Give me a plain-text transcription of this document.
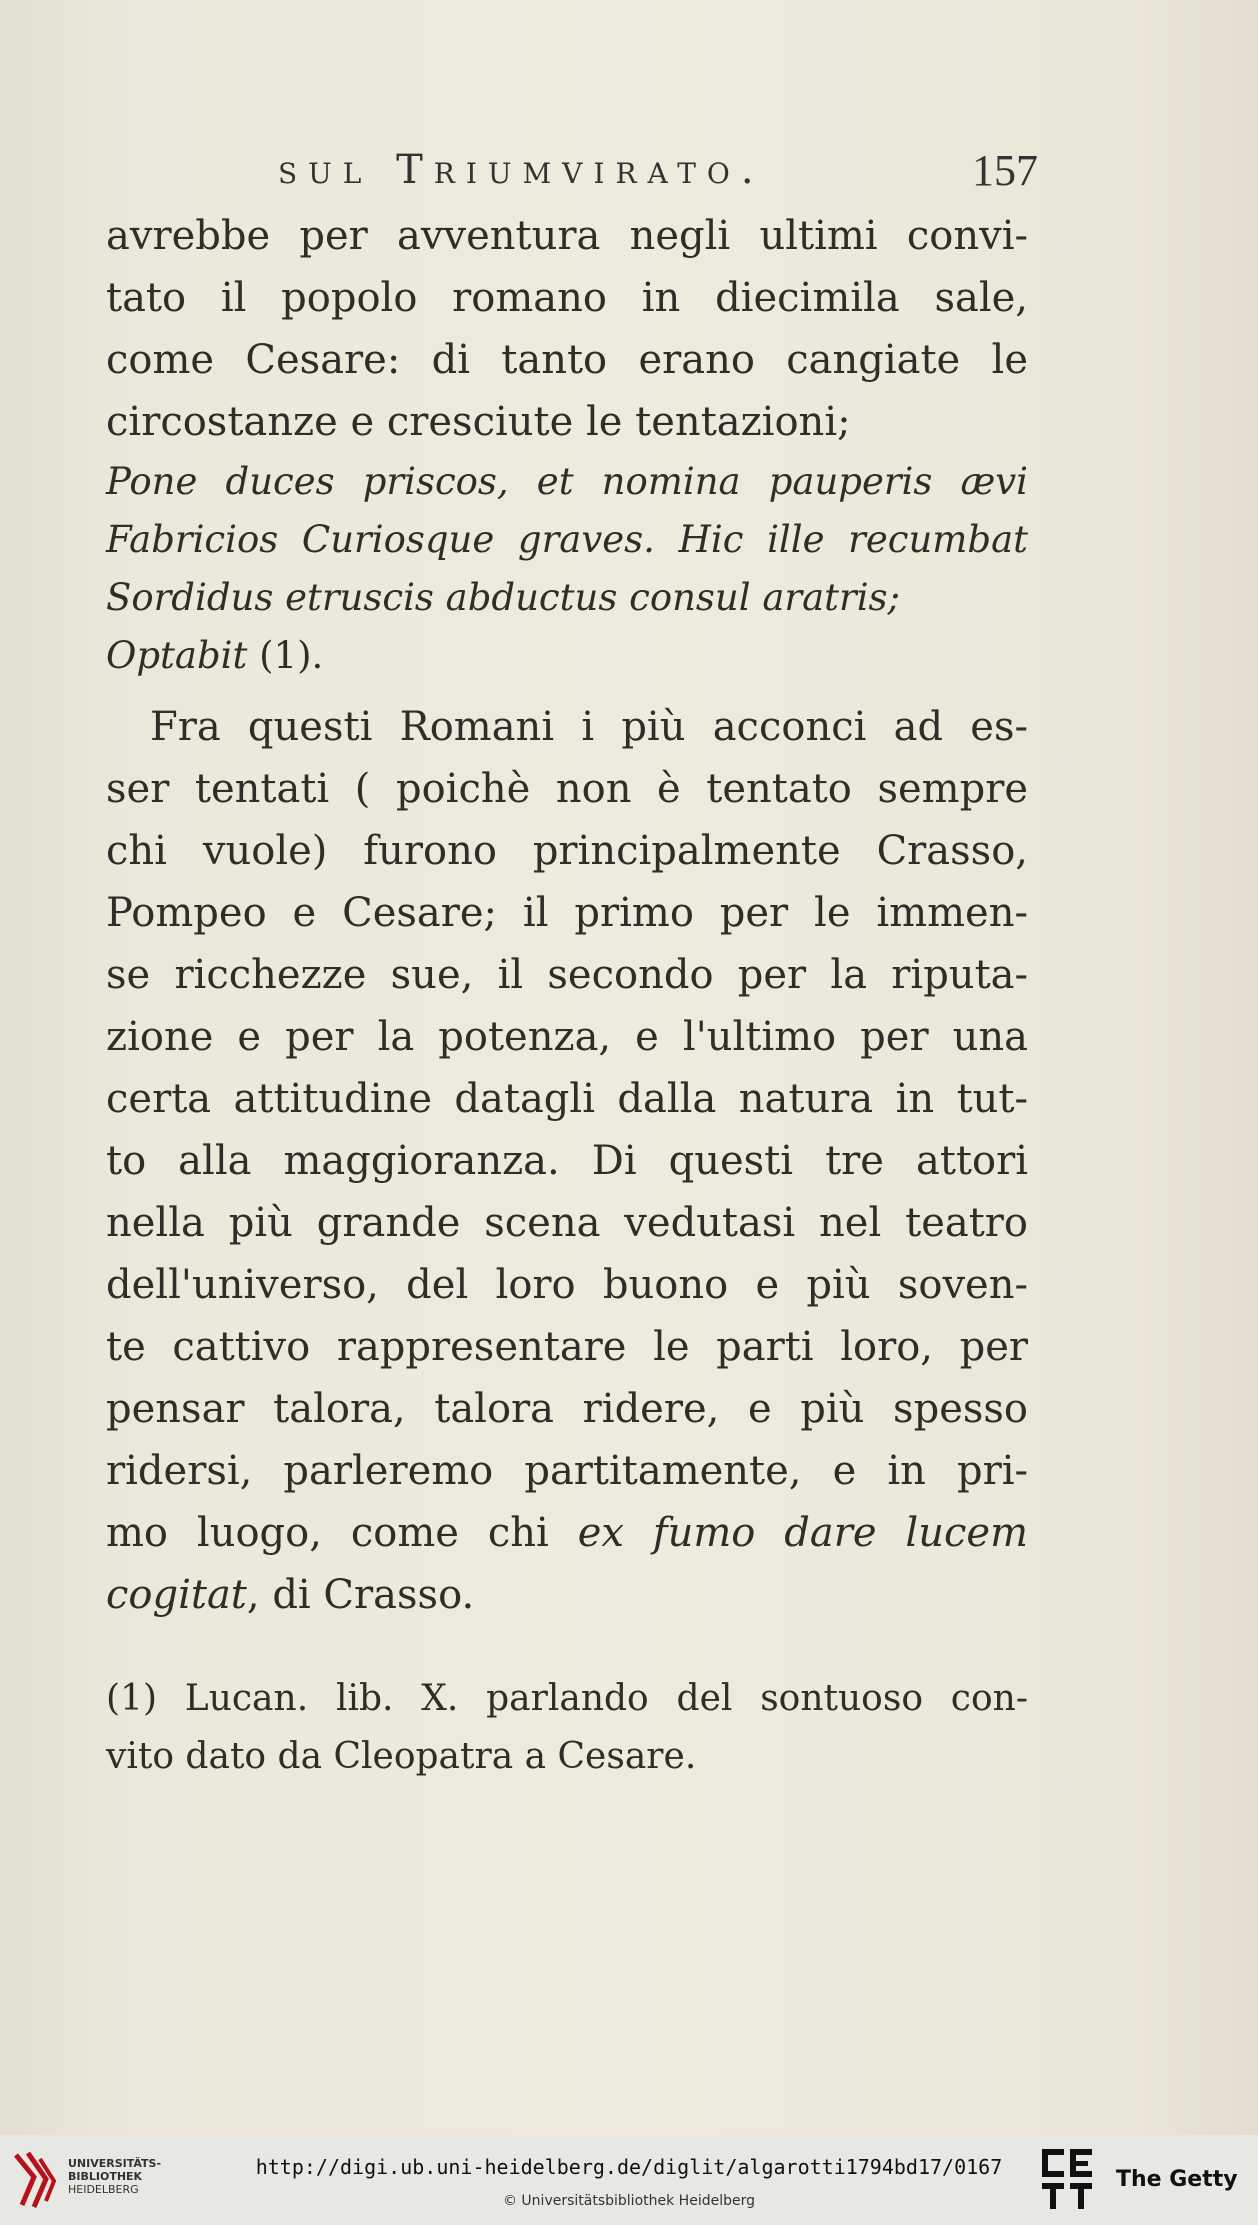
sul Triumvirato.	157
avrebbe per avventura negli ultimi convi-
tato il popolo romano in diecimila sale,
come Cesare: di tanto erano cangiate le
circostanze e cresciute le tentazioni;
Pone duces priscos, et nomina pauperis ævi
Fabricios Curiosque graves. Hic ille recumbat
Sordidus etruscis abductus consul aratris;
Optabit (1).
Fra questi Romani i più acconci ad es-
ser tentati ( poichè non è tentato sempre
chi vuole) furono principalmente Crasso,
Pompeo e Cesare; il primo per le immen-
se ricchezze sue, il secondo per la riputa-
zione e per la potenza, e l'ultimo per una
certa attitudine datagli dalla natura in tut-
to alla maggioranza. Di questi tre attori
nella più grande scena vedutasi nel teatro
dell'universo, del loro buono e più soven-
te cattivo rappresentare le parti loro, per
pensar talora, talora ridere, e più spesso
ridersi, parleremo partitamente, e in pri-
mo luogo, come chi ex fumo dare lucem
cogitat, di Crasso.
(1) Lucan. lib. X. parlando del sontuoso con-
vito dato da Cleopatra a Cesare.
UNIVERSITÄTS-
BIBLIOTHEK
HEIDELBERG
http://digi.ub.uni-heidelberg.de/diglit/algarotti1794bd17/0167
© Universitätsbibliothek Heidelberg
The Getty
